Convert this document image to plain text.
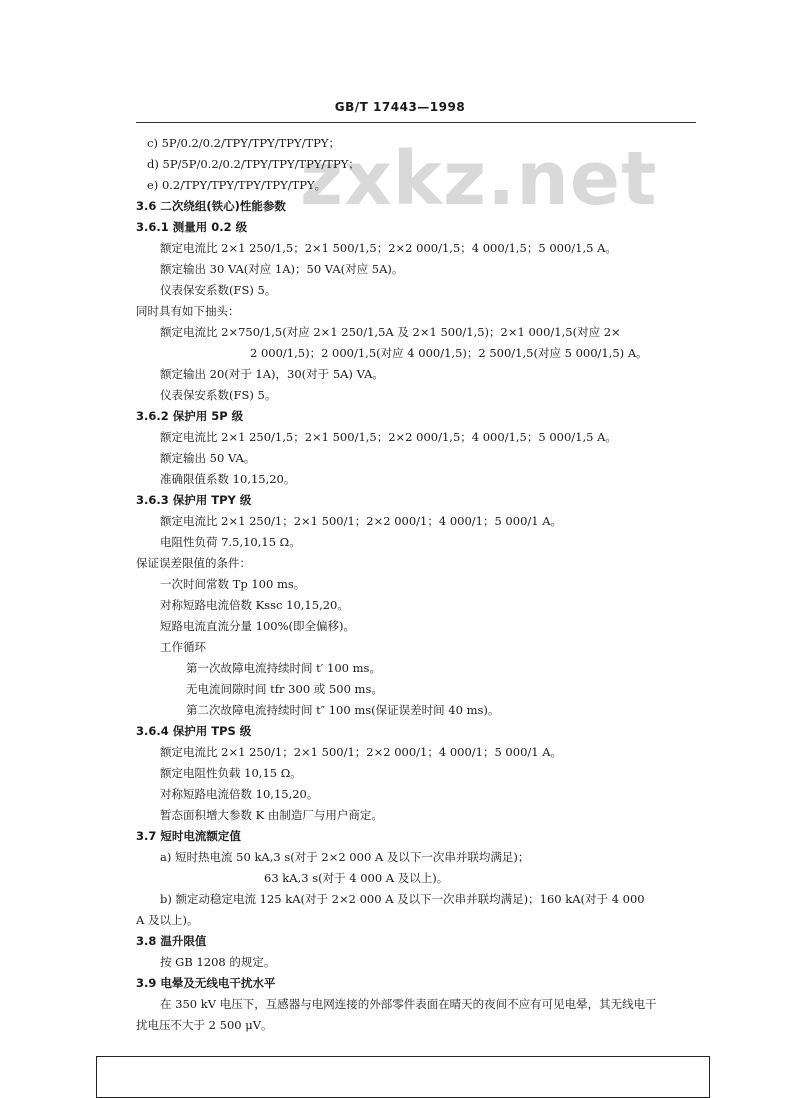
zxkz.net
GB/T 17443—1998
c) 5P/0.2/0.2/TPY/TPY/TPY/TPY；
d) 5P/5P/0.2/0.2/TPY/TPY/TPY/TPY；
e) 0.2/TPY/TPY/TPY/TPY/TPY。
3.6 二次绕组(铁心)性能参数
3.6.1 测量用 0.2 级
额定电流比 2×1 250/1,5；2×1 500/1,5；2×2 000/1,5；4 000/1,5；5 000/1,5 A。
额定输出 30 VA(对应 1A)；50 VA(对应 5A)。
仪表保安系数(FS) 5。
同时具有如下抽头：
额定电流比 2×750/1,5(对应 2×1 250/1,5A 及 2×1 500/1,5)；2×1 000/1,5(对应 2×
2 000/1,5)；2 000/1,5(对应 4 000/1,5)；2 500/1,5(对应 5 000/1,5) A。
额定输出 20(对于 1A)，30(对于 5A) VA。
仪表保安系数(FS) 5。
3.6.2 保护用 5P 级
额定电流比 2×1 250/1,5；2×1 500/1,5；2×2 000/1,5；4 000/1,5；5 000/1,5 A。
额定输出 50 VA。
准确限值系数 10,15,20。
3.6.3 保护用 TPY 级
额定电流比 2×1 250/1；2×1 500/1；2×2 000/1；4 000/1；5 000/1 A。
电阻性负荷 7.5,10,15 Ω。
保证误差限值的条件：
一次时间常数 Tp 100 ms。
对称短路电流倍数 Kssc 10,15,20。
短路电流直流分量 100%(即全偏移)。
工作循环
第一次故障电流持续时间 t′ 100 ms。
无电流间隙时间 tfr 300 或 500 ms。
第二次故障电流持续时间 t″ 100 ms(保证误差时间 40 ms)。
3.6.4 保护用 TPS 级
额定电流比 2×1 250/1；2×1 500/1；2×2 000/1；4 000/1；5 000/1 A。
额定电阻性负载 10,15 Ω。
对称短路电流倍数 10,15,20。
暂态面积增大参数 K 由制造厂与用户商定。
3.7 短时电流额定值
a) 短时热电流 50 kA,3 s(对于 2×2 000 A 及以下一次串并联均满足)；
63 kA,3 s(对于 4 000 A 及以上)。
b) 额定动稳定电流 125 kA(对于 2×2 000 A 及以下一次串并联均满足)；160 kA(对于 4 000
A 及以上)。
3.8 温升限值
按 GB 1208 的规定。
3.9 电晕及无线电干扰水平
在 350 kV 电压下，互感器与电网连接的外部零件表面在晴天的夜间不应有可见电晕，其无线电干
扰电压不大于 2 500 μV。
